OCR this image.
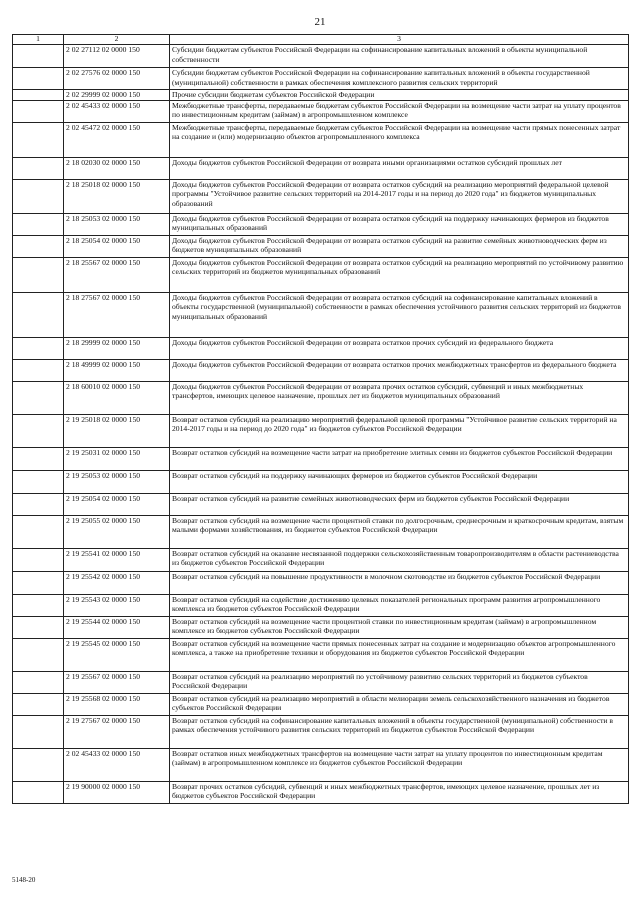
21
1	2	3
	2 02 27112 02 0000 150	Субсидии бюджетам субъектов Российской Федерации на софинансирование капитальных вложений в объекты муниципальной собственности
	2 02 27576 02 0000 150	Субсидии бюджетам субъектов Российской Федерации на софинансирование капитальных вложений в объекты государственной (муниципальной) собственности в рамках обеспечения комплексного развития сельских территорий
	2 02 29999 02 0000 150	Прочие субсидии бюджетам субъектов Российской Федерации
	2 02 45433 02 0000 150	Межбюджетные трансферты, передаваемые бюджетам субъектов Российской Федерации на возмещение части затрат на уплату процентов по инвестиционным кредитам (займам) в агропромышленном комплексе
	2 02 45472 02 0000 150	Межбюджетные трансферты, передаваемые бюджетам субъектов Российской Федерации на возмещение части прямых понесенных затрат на создание и (или) модернизацию объектов агропромышленного комплекса
	2 18 02030 02 0000 150	Доходы бюджетов субъектов Российской Федерации от возврата иными организациями остатков субсидий прошлых лет
	2 18 25018 02 0000 150	Доходы бюджетов субъектов Российской Федерации от возврата остатков субсидий на реализацию мероприятий федеральной целевой программы "Устойчивое развитие сельских территорий на 2014-2017 годы и на период до 2020 года" из бюджетов муниципальных образований
	2 18 25053 02 0000 150	Доходы бюджетов субъектов Российской Федерации от возврата остатков субсидий на поддержку начинающих фермеров из бюджетов муниципальных образований
	2 18 25054 02 0000 150	Доходы бюджетов субъектов Российской Федерации от возврата остатков субсидий на развитие семейных животноводческих ферм из бюджетов муниципальных образований
	2 18 25567 02 0000 150	Доходы бюджетов субъектов Российской Федерации от возврата остатков субсидий на реализацию мероприятий по устойчивому развитию сельских территорий из бюджетов муниципальных образований
	2 18 27567 02 0000 150	Доходы бюджетов субъектов Российской Федерации от возврата остатков субсидий на софинансирование капитальных вложений в объекты государственной (муниципальной) собственности в рамках обеспечения устойчивого развития сельских территорий из бюджетов муниципальных образований
	2 18 29999 02 0000 150	Доходы бюджетов субъектов Российской Федерации от возврата остатков прочих субсидий из федерального бюджета
	2 18 49999 02 0000 150	Доходы бюджетов субъектов Российской Федерации от возврата остатков прочих межбюджетных трансфертов из федерального бюджета
	2 18 60010 02 0000 150	Доходы бюджетов субъектов Российской Федерации от возврата прочих остатков субсидий, субвенций и иных межбюджетных трансфертов, имеющих целевое назначение, прошлых лет из бюджетов муниципальных образований
	2 19 25018 02 0000 150	Возврат остатков субсидий на реализацию мероприятий федеральной целевой программы "Устойчивое развитие сельских территорий на 2014-2017 годы и на период до 2020 года" из бюджетов субъектов Российской Федерации
	2 19 25031 02 0000 150	Возврат остатков субсидий на возмещение части затрат на приобретение элитных семян из бюджетов субъектов Российской Федерации
	2 19 25053 02 0000 150	Возврат остатков субсидий на поддержку начинающих фермеров из бюджетов субъектов Российской Федерации
	2 19 25054 02 0000 150	Возврат остатков субсидий на развитие семейных животноводческих ферм из бюджетов субъектов Российской Федерации
	2 19 25055 02 0000 150	Возврат остатков субсидий на возмещение части процентной ставки по долгосрочным, среднесрочным и краткосрочным кредитам, взятым малыми формами хозяйствования, из бюджетов субъектов Российской Федерации
	2 19 25541 02 0000 150	Возврат остатков субсидий на оказание несвязанной поддержки сельскохозяйственным товаропроизводителям в области растениеводства из бюджетов субъектов Российской Федерации
	2 19 25542 02 0000 150	Возврат остатков субсидий на повышение продуктивности в молочном скотоводстве из бюджетов субъектов Российской Федерации
	2 19 25543 02 0000 150	Возврат остатков субсидий на содействие достижению целевых показателей региональных программ развития агропромышленного комплекса из бюджетов субъектов Российской Федерации
	2 19 25544 02 0000 150	Возврат остатков субсидий на возмещение части процентной ставки по инвестиционным кредитам (займам) в агропромышленном комплексе из бюджетов субъектов Российской Федерации
	2 19 25545 02 0000 150	Возврат остатков субсидий на возмещение части прямых понесенных затрат на создание и модернизацию объектов агропромышленного комплекса, а также на приобретение техники и оборудования из бюджетов субъектов Российской Федерации
	2 19 25567 02 0000 150	Возврат остатков субсидий на реализацию мероприятий по устойчивому развитию сельских территорий из бюджетов субъектов Российской Федерации
	2 19 25568 02 0000 150	Возврат остатков субсидий на реализацию мероприятий в области мелиорации земель сельскохозяйственного назначения из бюджетов субъектов Российской Федерации
	2 19 27567 02 0000 150	Возврат остатков субсидий на софинансирование капитальных вложений в объекты государственной (муниципальной) собственности в рамках обеспечения устойчивого развития сельских территорий из бюджетов субъектов Российской Федерации
	2 02 45433 02 0000 150	Возврат остатков иных межбюджетных трансфертов на возмещение части затрат на уплату процентов по инвестиционным кредитам (займам) в агропромышленном комплексе из бюджетов субъектов Российской Федерации
	2 19 90000 02 0000 150	Возврат прочих остатков субсидий, субвенций и иных межбюджетных трансфертов, имеющих целевое назначение, прошлых лет из бюджетов субъектов Российской Федерации
5148-20
